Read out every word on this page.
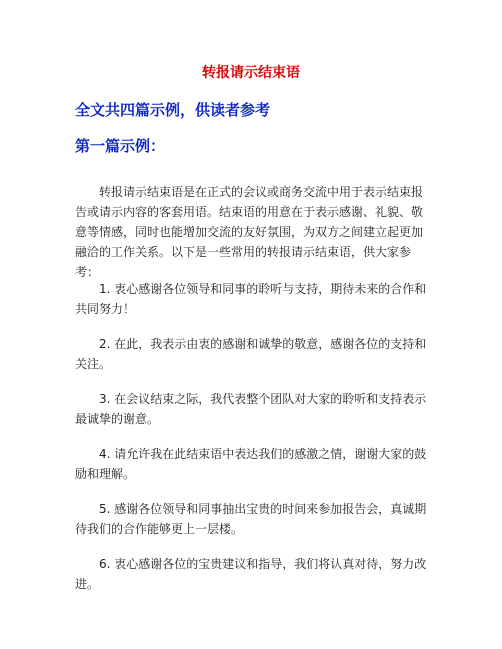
转报请示结束语
全文共四篇示例，供读者参考
第一篇示例：

转报请示结束语是在正式的会议或商务交流中用于表示结束报告或请示内容的客套用语。结束语的用意在于表示感谢、礼貌、敬意等情感，同时也能增加交流的友好氛围，为双方之间建立起更加融洽的工作关系。以下是一些常用的转报请示结束语，供大家参考：

1. 衷心感谢各位领导和同事的聆听与支持，期待未来的合作和共同努力！

2. 在此，我表示由衷的感谢和诚挚的敬意，感谢各位的支持和关注。

3. 在会议结束之际，我代表整个团队对大家的聆听和支持表示最诚挚的谢意。

4. 请允许我在此结束语中表达我们的感激之情，谢谢大家的鼓励和理解。

5. 感谢各位领导和同事抽出宝贵的时间来参加报告会，真诚期待我们的合作能够更上一层楼。

6. 衷心感谢各位的宝贵建议和指导，我们将认真对待，努力改进。
